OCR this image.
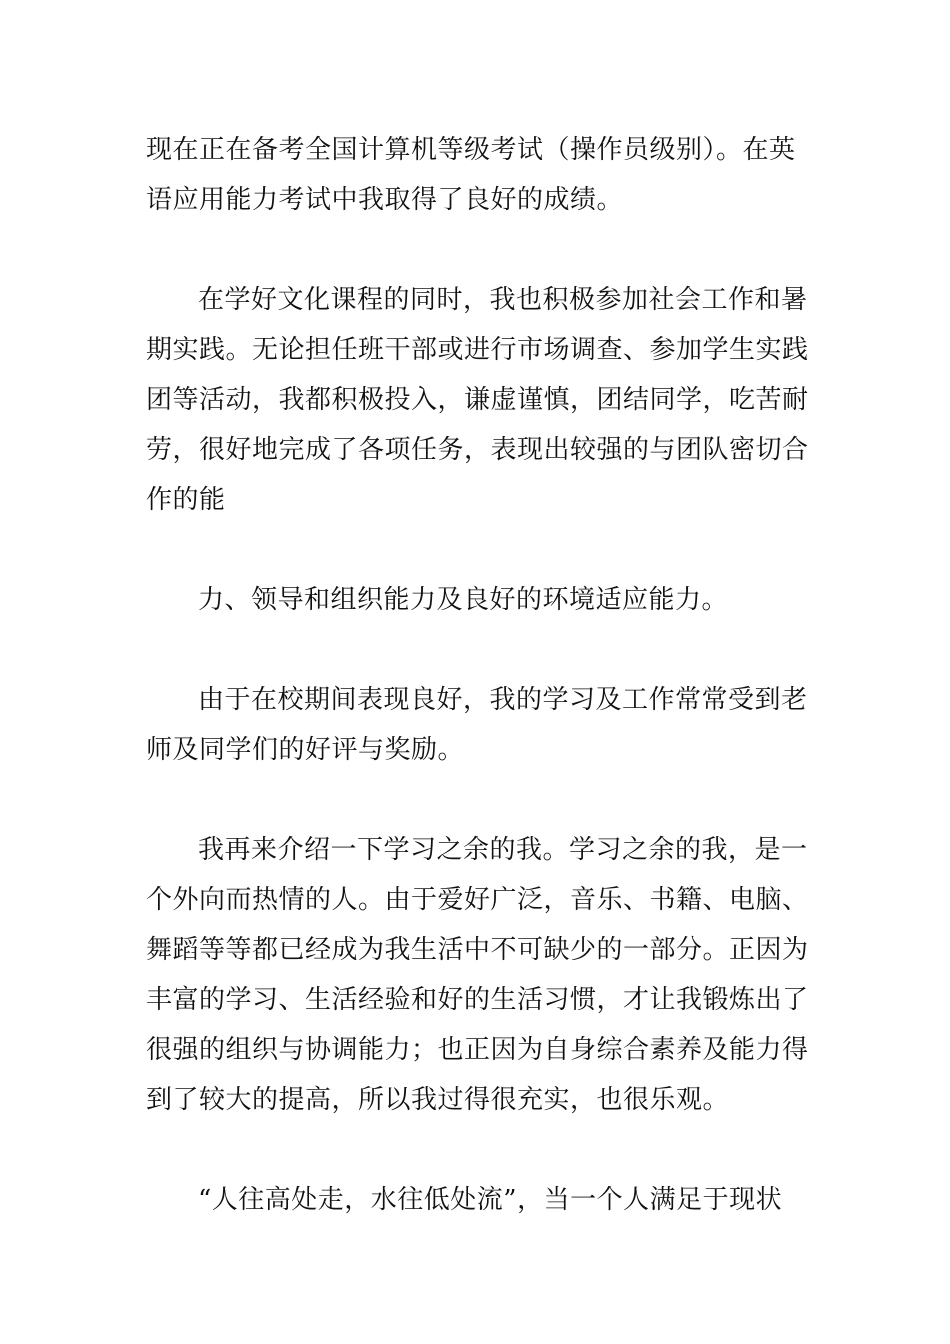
现在正在备考全国计算机等级考试（操作员级别）。在英
语应用能力考试中我取得了良好的成绩。
在学好文化课程的同时，我也积极参加社会工作和暑
期实践。无论担任班干部或进行市场调查、参加学生实践
团等活动，我都积极投入，谦虚谨慎，团结同学，吃苦耐
劳，很好地完成了各项任务，表现出较强的与团队密切合
作的能
力、领导和组织能力及良好的环境适应能力。
由于在校期间表现良好，我的学习及工作常常受到老
师及同学们的好评与奖励。
我再来介绍一下学习之余的我。学习之余的我，是一
个外向而热情的人。由于爱好广泛，音乐、书籍、电脑、
舞蹈等等都已经成为我生活中不可缺少的一部分。正因为
丰富的学习、生活经验和好的生活习惯，才让我锻炼出了
很强的组织与协调能力；也正因为自身综合素养及能力得
到了较大的提高，所以我过得很充实，也很乐观。
“人往高处走，水往低处流”，当一个人满足于现状
